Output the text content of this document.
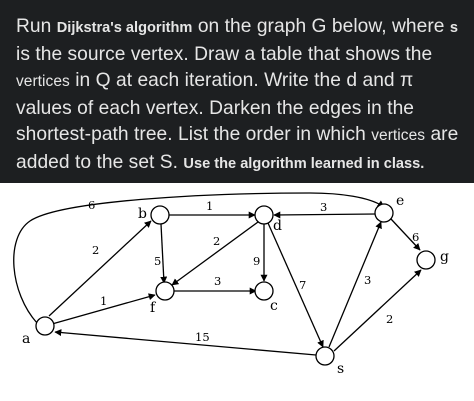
Run Dijkstra's algorithm on the graph G below, where s is the source vertex. Draw a table that shows the vertices in Q at each iteration. Write the d and π values of each vertex. Darken the edges in the shortest-path tree. List the order in which vertices are added to the set S. Use the algorithm learned in class.
6
2
1
15
1
5
2
3
9
7
3
3
6
2
a
b
d
e
f	c
s
g
